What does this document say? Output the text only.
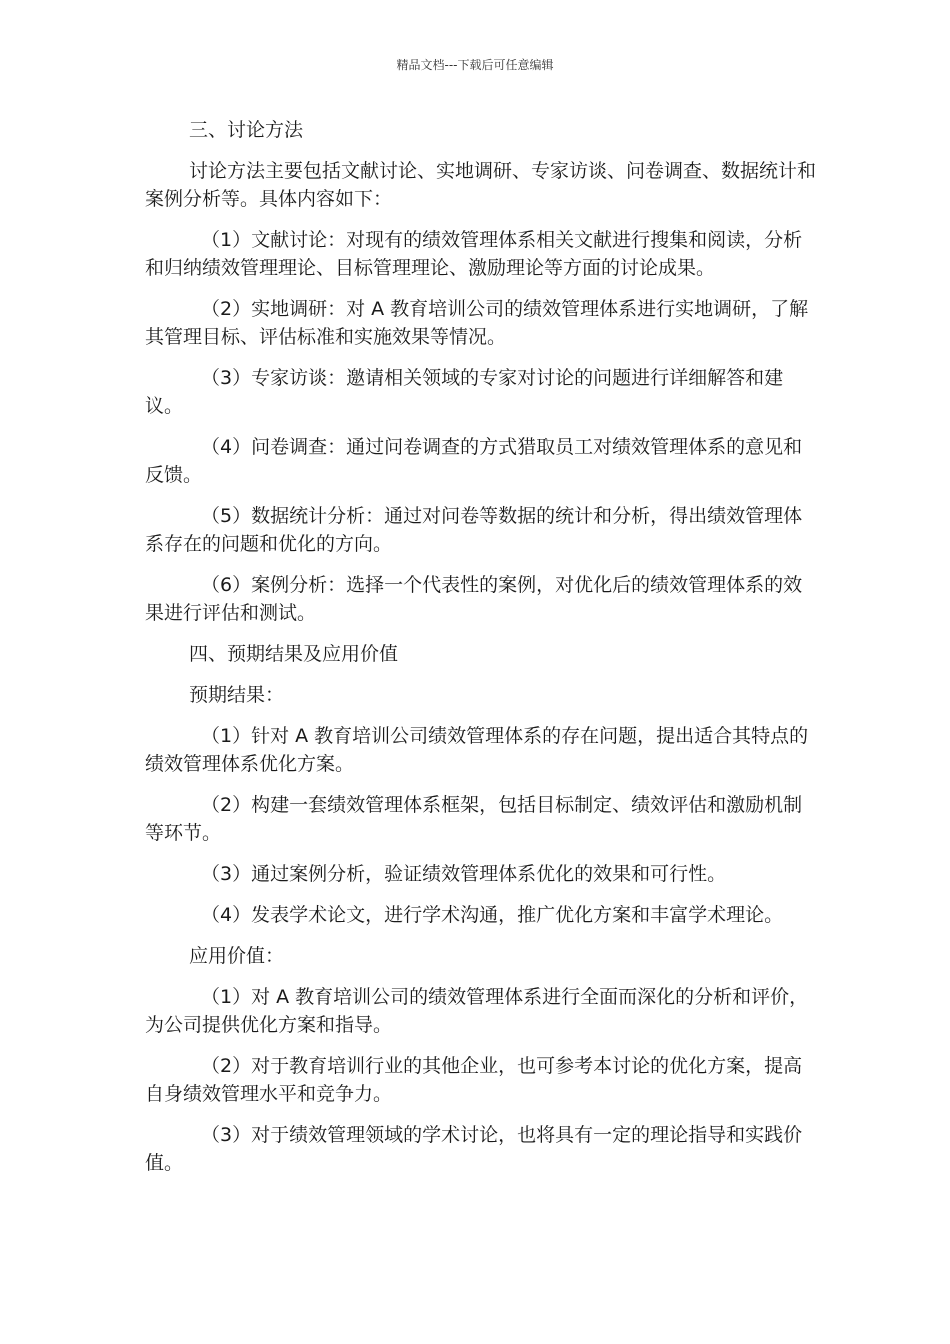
精品文档---下载后可任意编辑

三、讨论方法

讨论方法主要包括文献讨论、实地调研、专家访谈、问卷调查、数据统计和案例分析等。具体内容如下：

（1）文献讨论：对现有的绩效管理体系相关文献进行搜集和阅读，分析和归纳绩效管理理论、目标管理理论、激励理论等方面的讨论成果。

（2）实地调研：对 A 教育培训公司的绩效管理体系进行实地调研，了解其管理目标、评估标准和实施效果等情况。

（3）专家访谈：邀请相关领域的专家对讨论的问题进行详细解答和建议。

（4）问卷调查：通过问卷调查的方式猎取员工对绩效管理体系的意见和反馈。

（5）数据统计分析：通过对问卷等数据的统计和分析，得出绩效管理体系存在的问题和优化的方向。

（6）案例分析：选择一个代表性的案例，对优化后的绩效管理体系的效果进行评估和测试。

四、预期结果及应用价值

预期结果：

（1）针对 A 教育培训公司绩效管理体系的存在问题，提出适合其特点的绩效管理体系优化方案。

（2）构建一套绩效管理体系框架，包括目标制定、绩效评估和激励机制等环节。

（3）通过案例分析，验证绩效管理体系优化的效果和可行性。

（4）发表学术论文，进行学术沟通，推广优化方案和丰富学术理论。

应用价值：

（1）对 A 教育培训公司的绩效管理体系进行全面而深化的分析和评价，为公司提供优化方案和指导。

（2）对于教育培训行业的其他企业，也可参考本讨论的优化方案，提高自身绩效管理水平和竞争力。

（3）对于绩效管理领域的学术讨论，也将具有一定的理论指导和实践价值。
